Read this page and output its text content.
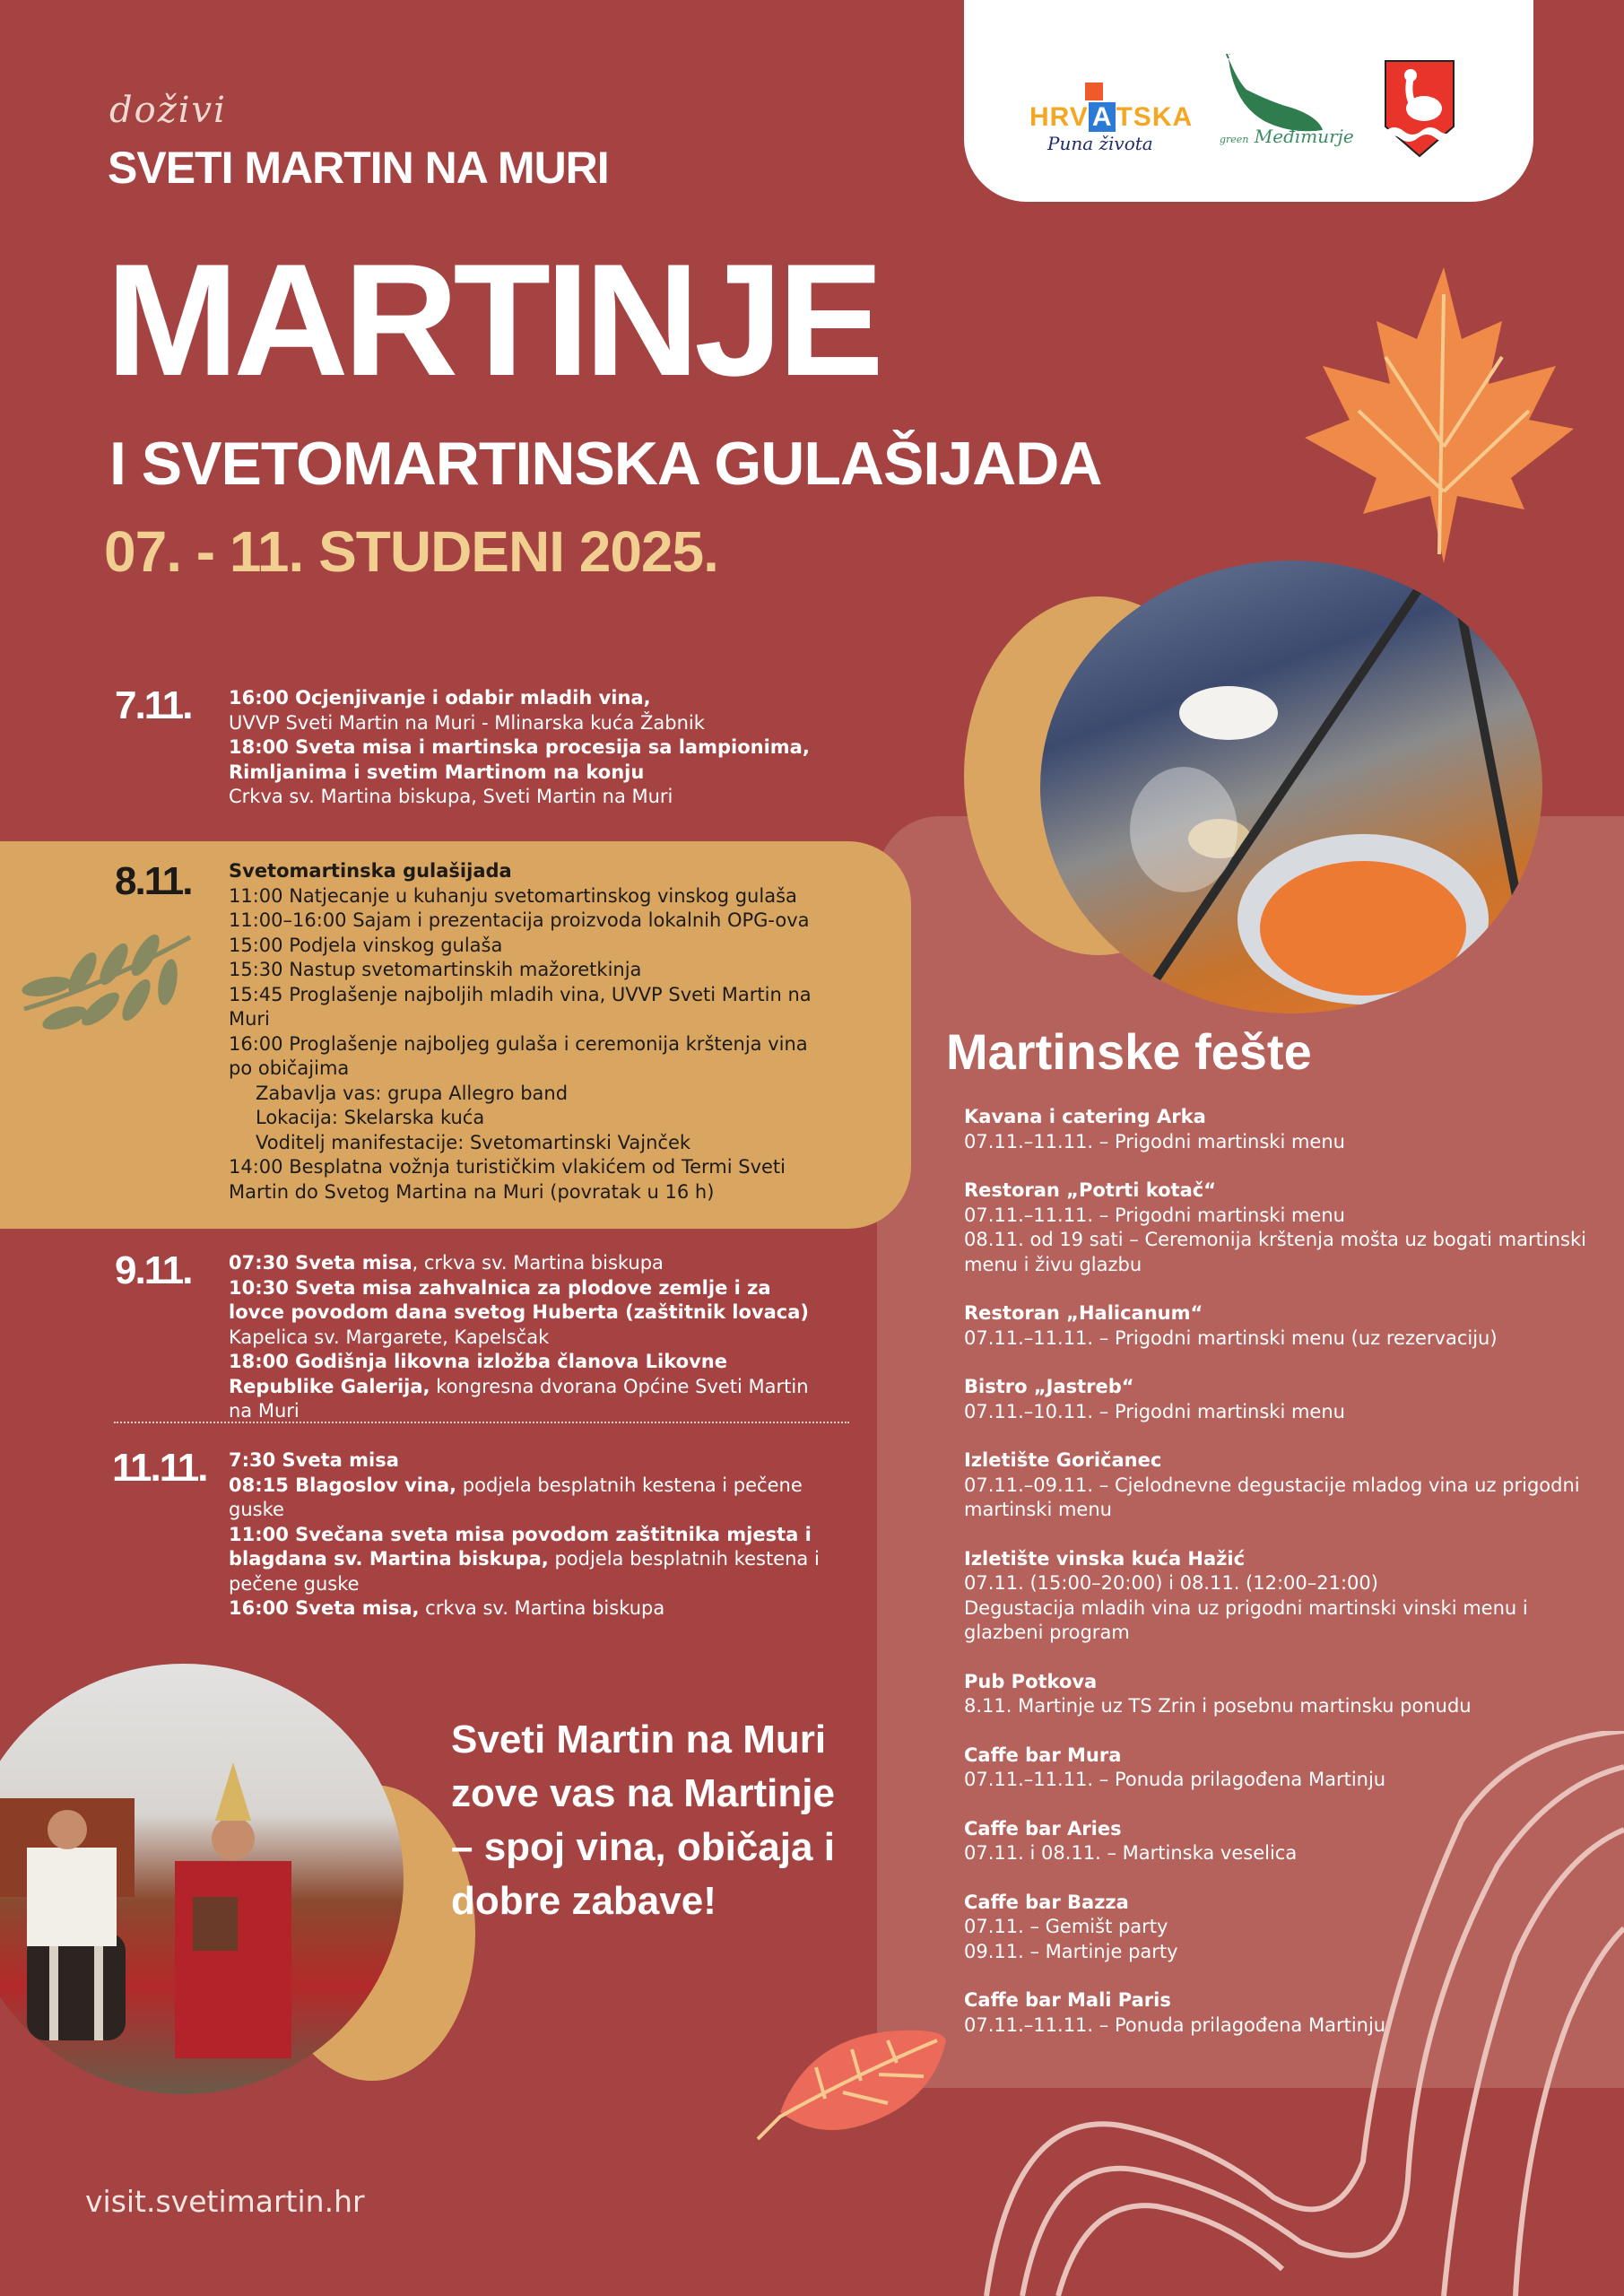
HRV A TSKA
Puna života	green Međimurje
doživi
SVETI MARTIN NA MURI
MARTINJE
I SVETOMARTINSKA GULAŠIJADA
07. - 11. STUDENI 2025.
7.11. 16:00 Ocjenjivanje i odabir mladih vina,
UVVP Sveti Martin na Muri - Mlinarska kuća Žabnik
18:00 Sveta misa i martinska procesija sa lampionima, Rimljanima i svetim Martinom na konju
Crkva sv. Martina biskupa, Sveti Martin na Muri
8.11. Svetomartinska gulašijada
11:00 Natjecanje u kuhanju svetomartinskog vinskog gulaša
11:00–16:00 Sajam i prezentacija proizvoda lokalnih OPG-ova
15:00 Podjela vinskog gulaša
15:30 Nastup svetomartinskih mažoretkinja
15:45 Proglašenje najboljih mladih vina, UVVP Sveti Martin na Muri
16:00 Proglašenje najboljeg gulaša i ceremonija krštenja vina po običajima
Zabavlja vas: grupa Allegro band
Lokacija: Skelarska kuća
Voditelj manifestacije: Svetomartinski Vajnček
14:00 Besplatna vožnja turističkim vlakićem od Termi Sveti Martin do Svetog Martina na Muri (povratak u 16 h)
9.11. 07:30 Sveta misa, crkva sv. Martina biskupa
10:30 Sveta misa zahvalnica za plodove zemlje i za lovce povodom dana svetog Huberta (zaštitnik lovaca)
Kapelica sv. Margarete, Kapelsčak
18:00 Godišnja likovna izložba članova Likovne Republike Galerija, kongresna dvorana Općine Sveti Martin na Muri
11.11. 7:30 Sveta misa
08:15 Blagoslov vina, podjela besplatnih kestena i pečene guske
11:00 Svečana sveta misa povodom zaštitnika mjesta i blagdana sv. Martina biskupa, podjela besplatnih kestena i pečene guske
16:00 Sveta misa, crkva sv. Martina biskupa
Martinske fešte
Kavana i catering Arka
07.11.–11.11. – Prigodni martinski menu
Restoran „Potrti kotač“
07.11.–11.11. – Prigodni martinski menu
08.11. od 19 sati – Ceremonija krštenja mošta uz bogati martinski menu i živu glazbu
Restoran „Halicanum“
07.11.–11.11. – Prigodni martinski menu (uz rezervaciju)
Bistro „Jastreb“
07.11.–10.11. – Prigodni martinski menu
Izletište Goričanec
07.11.–09.11. – Cjelodnevne degustacije mladog vina uz prigodni martinski menu
Izletište vinska kuća Hažić
07.11. (15:00–20:00) i 08.11. (12:00–21:00)
Degustacija mladih vina uz prigodni martinski vinski menu i glazbeni program
Pub Potkova
8.11. Martinje uz TS Zrin i posebnu martinsku ponudu
Caffe bar Mura
07.11.–11.11. – Ponuda prilagođena Martinju
Caffe bar Aries
07.11. i 08.11. – Martinska veselica
Caffe bar Bazza
07.11. – Gemišt party
09.11. – Martinje party
Caffe bar Mali Paris
07.11.–11.11. – Ponuda prilagođena Martinju
Sveti Martin na Muri zove vas na Martinje – spoj vina, običaja i dobre zabave!
visit.svetimartin.hr
